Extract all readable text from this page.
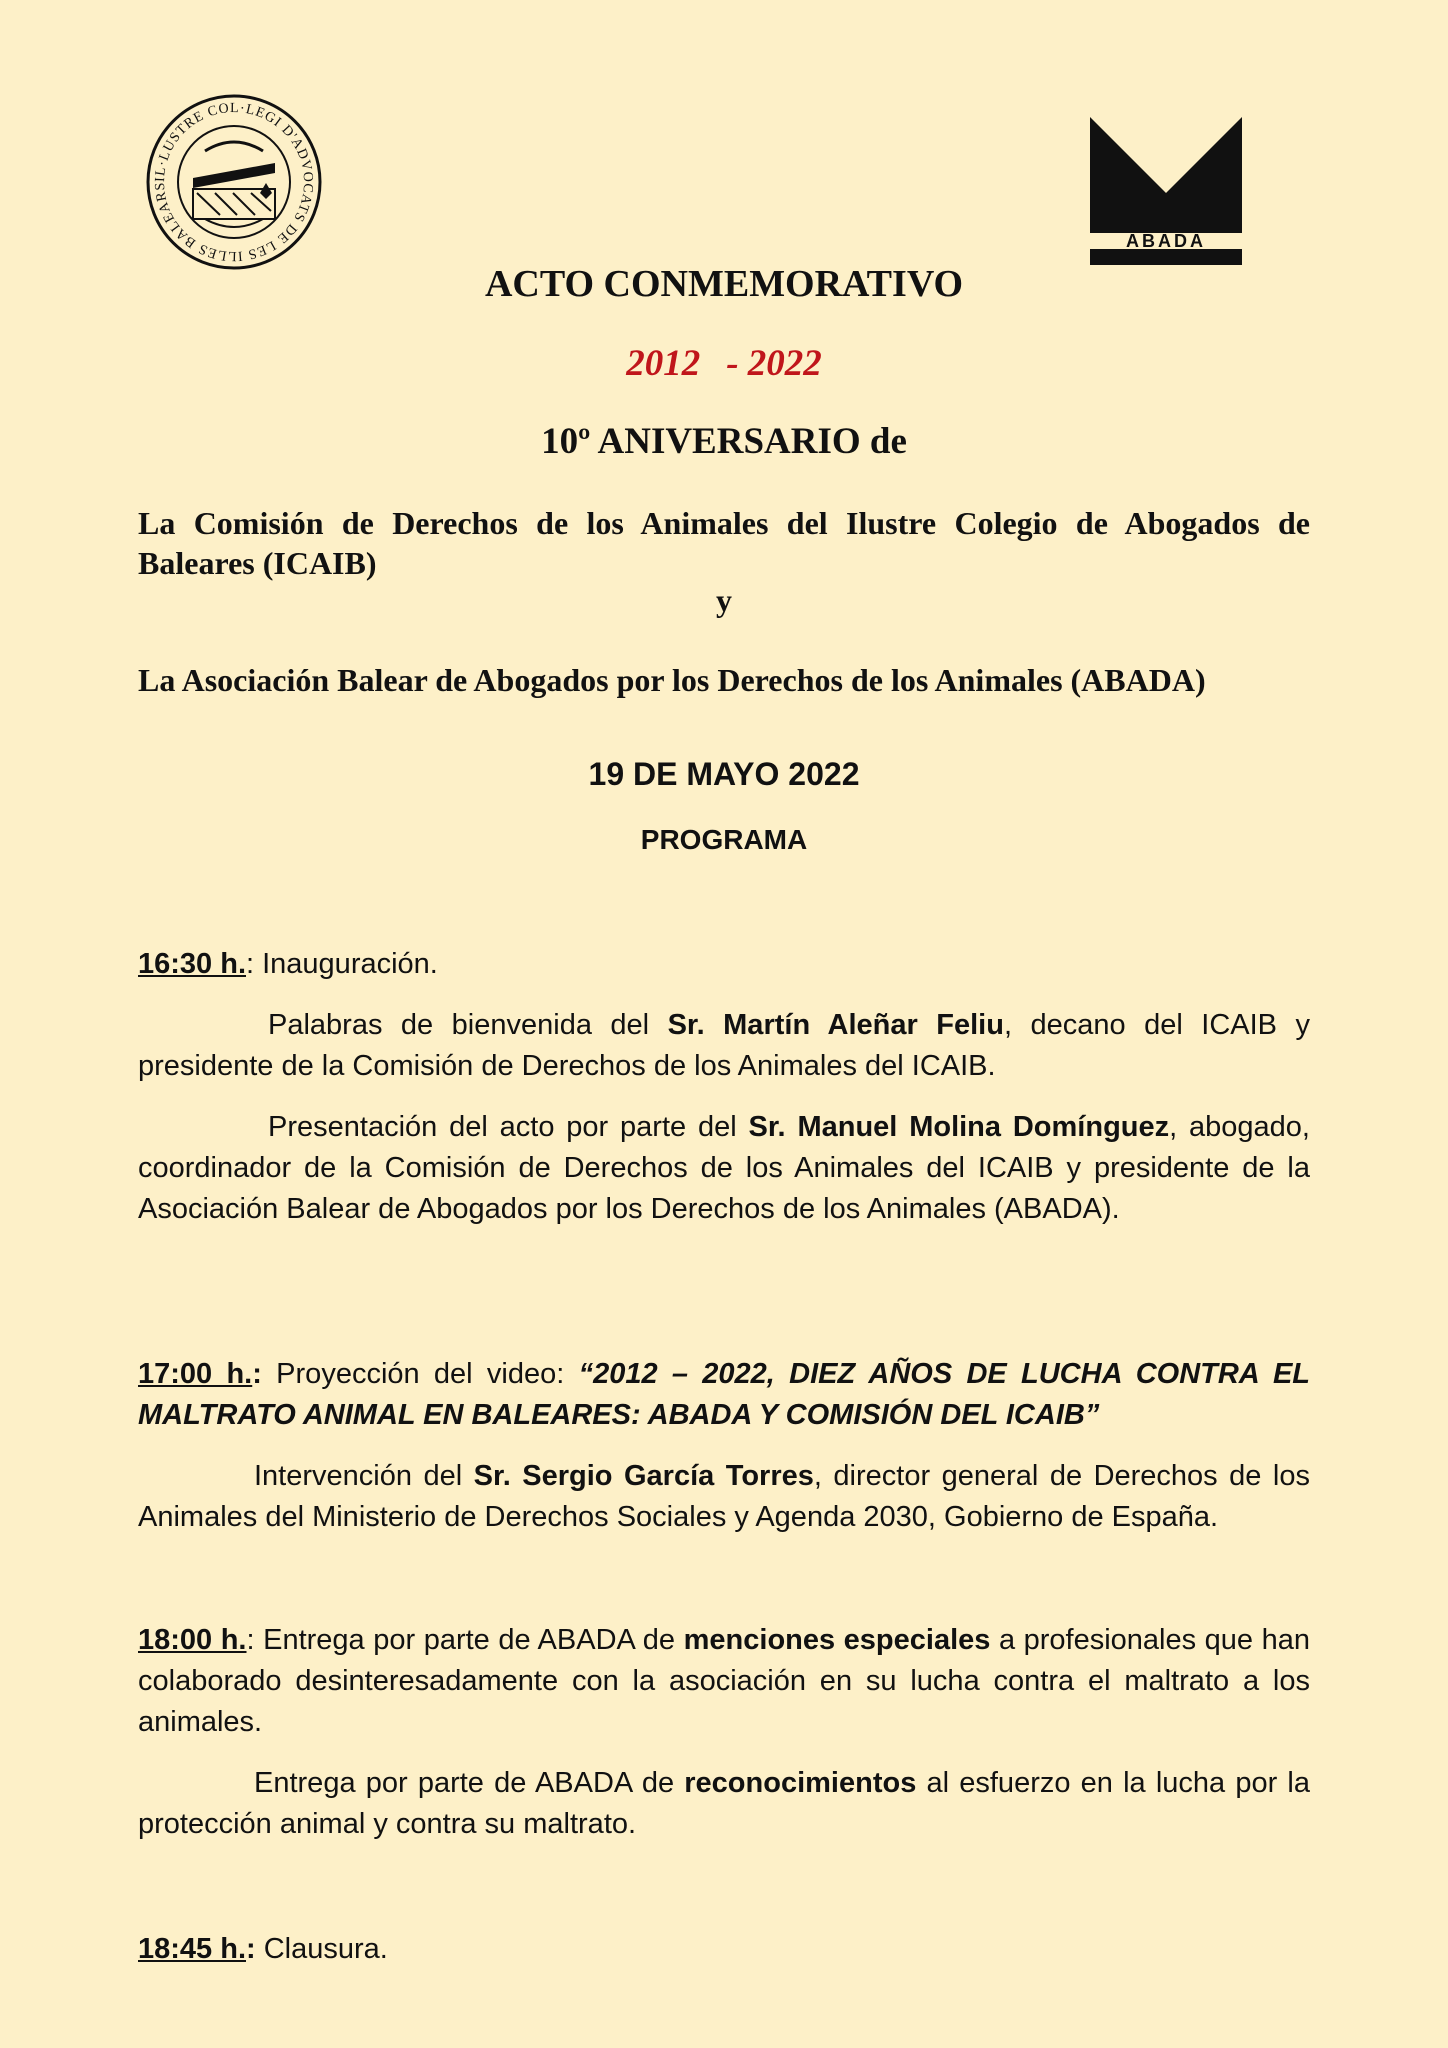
IL·LUSTRE COL·LEGI D'ADVOCATS DE LES ILLES BALEARS
ABADA
ACTO CONMEMORATIVO
2012 - 2022
10º ANIVERSARIO de
La Comisión de Derechos de los Animales del Ilustre Colegio de Abogados de Baleares (ICAIB)
y
La Asociación Balear de Abogados por los Derechos de los Animales (ABADA)
19 DE MAYO 2022
PROGRAMA
16:30 h.: Inauguración.
Palabras de bienvenida del Sr. Martín Aleñar Feliu, decano del ICAIB y presidente de la Comisión de Derechos de los Animales del ICAIB.
Presentación del acto por parte del Sr. Manuel Molina Domínguez, abogado, coordinador de la Comisión de Derechos de los Animales del ICAIB y presidente de la Asociación Balear de Abogados por los Derechos de los Animales (ABADA).
17:00 h.: Proyección del video: “2012 – 2022, DIEZ AÑOS DE LUCHA CONTRA EL MALTRATO ANIMAL EN BALEARES: ABADA Y COMISIÓN DEL ICAIB”
Intervención del Sr. Sergio García Torres, director general de Derechos de los Animales del Ministerio de Derechos Sociales y Agenda 2030, Gobierno de España.
18:00 h.: Entrega por parte de ABADA de menciones especiales a profesionales que han colaborado desinteresadamente con la asociación en su lucha contra el maltrato a los animales.
Entrega por parte de ABADA de reconocimientos al esfuerzo en la lucha por la protección animal y contra su maltrato.
18:45 h.: Clausura.
